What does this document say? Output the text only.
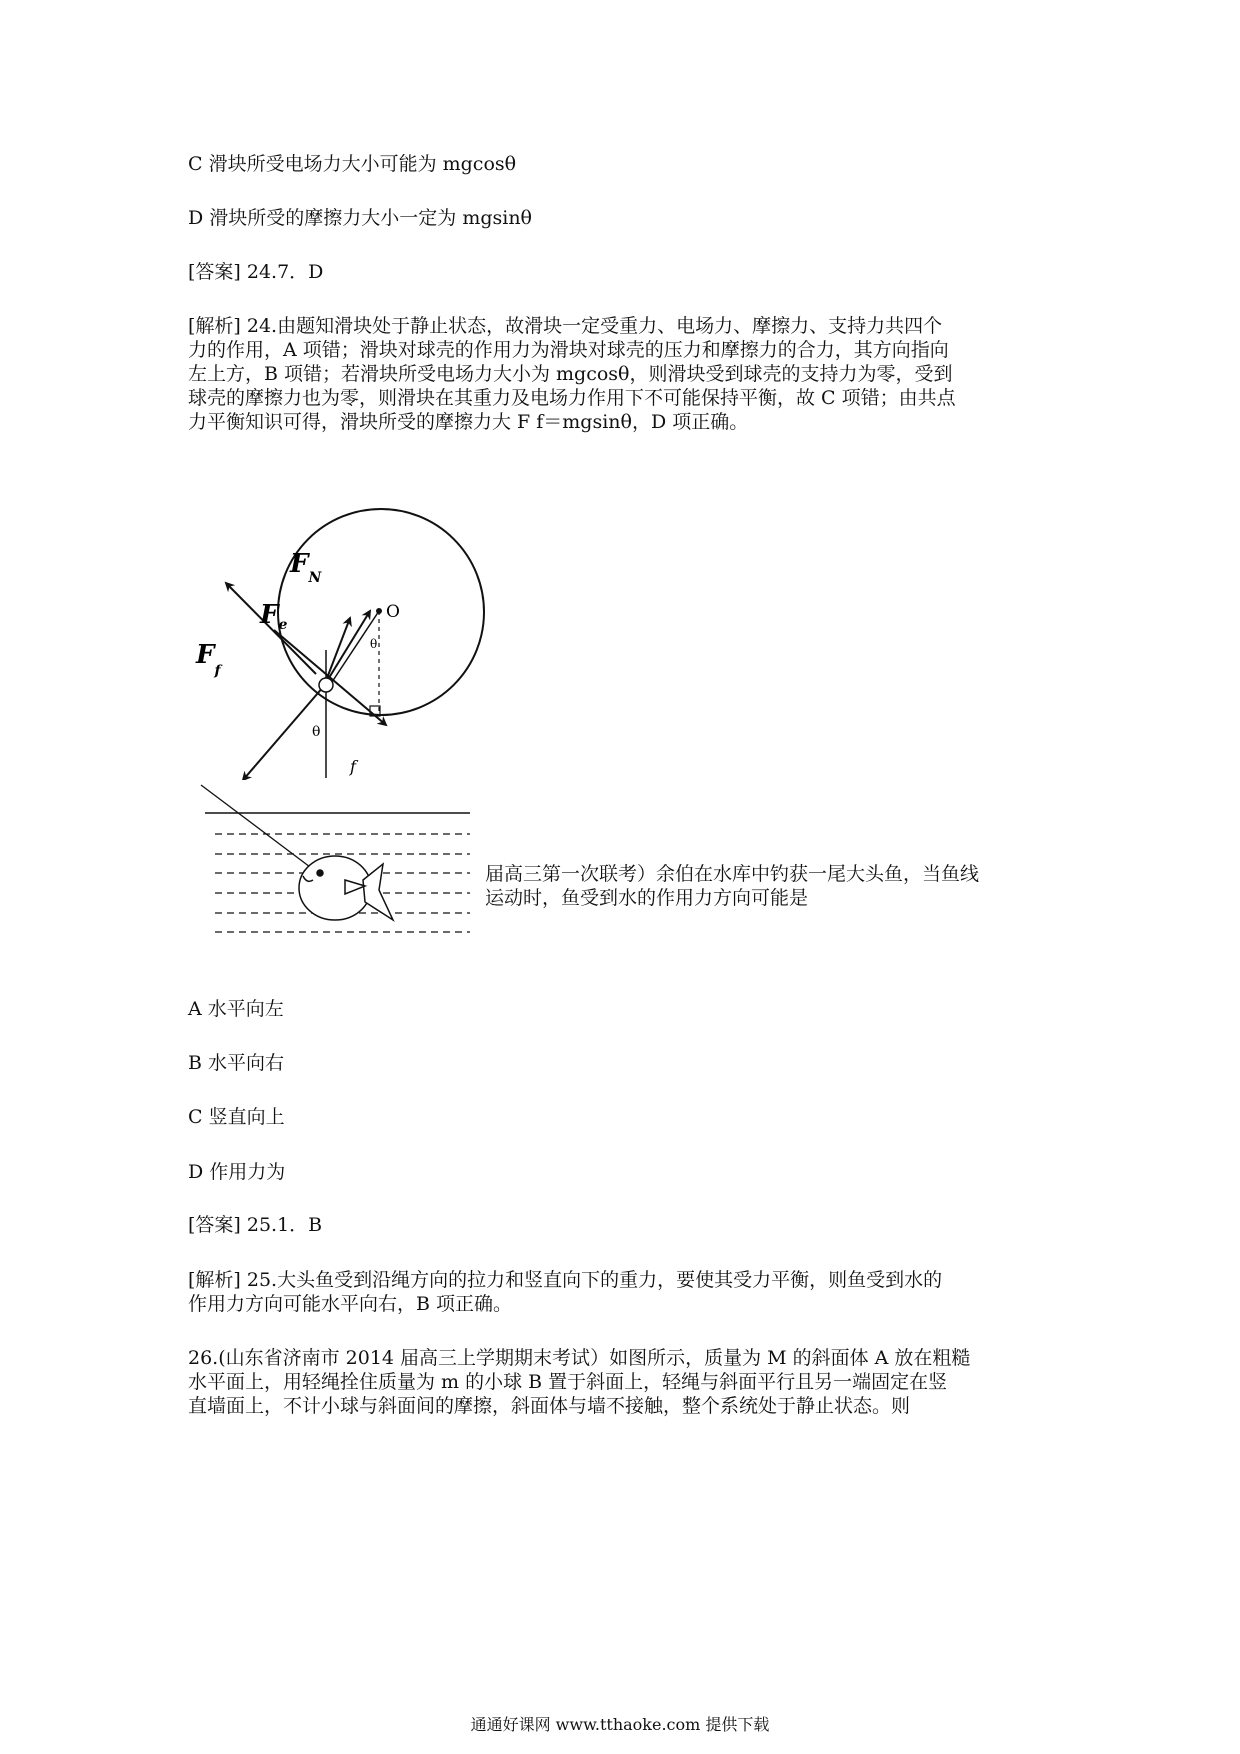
C 滑块所受电场力大小可能为 mgcosθ
D 滑块所受的摩擦力大小一定为 mgsinθ
[答案] 24.7．D
[解析] 24.由题知滑块处于静止状态，故滑块一定受重力、电场力、摩擦力、支持力共四个
力的作用，A 项错；滑块对球壳的作用力为滑块对球壳的压力和摩擦力的合力，其方向指向
左上方，B 项错；若滑块所受电场力大小为 mgcosθ，则滑块受到球壳的支持力为零，受到
球壳的摩擦力也为零，则滑块在其重力及电场力作用下不可能保持平衡，故 C 项错；由共点
力平衡知识可得，滑块所受的摩擦力大 F f＝mgsinθ，D 项正确。
$F_N$
$F_e$
$F_f$
O
θ
θ
f
届高三第一次联考）余伯在水库中钓获一尾大头鱼，当鱼线
运动时，鱼受到水的作用力方向可能是
A 水平向左
B 水平向右
C 竖直向上
D 作用力为
[答案] 25.1．B
[解析] 25.大头鱼受到沿绳方向的拉力和竖直向下的重力，要使其受力平衡，则鱼受到水的
作用力方向可能水平向右，B 项正确。
26.(山东省济南市 2014 届高三上学期期末考试）如图所示，质量为 M 的斜面体 A 放在粗糙
水平面上，用轻绳拴住质量为 m 的小球 B 置于斜面上，轻绳与斜面平行且另一端固定在竖
直墙面上，不计小球与斜面间的摩擦，斜面体与墙不接触，整个系统处于静止状态。则
通通好课网 www.tthaoke.com 提供下载
